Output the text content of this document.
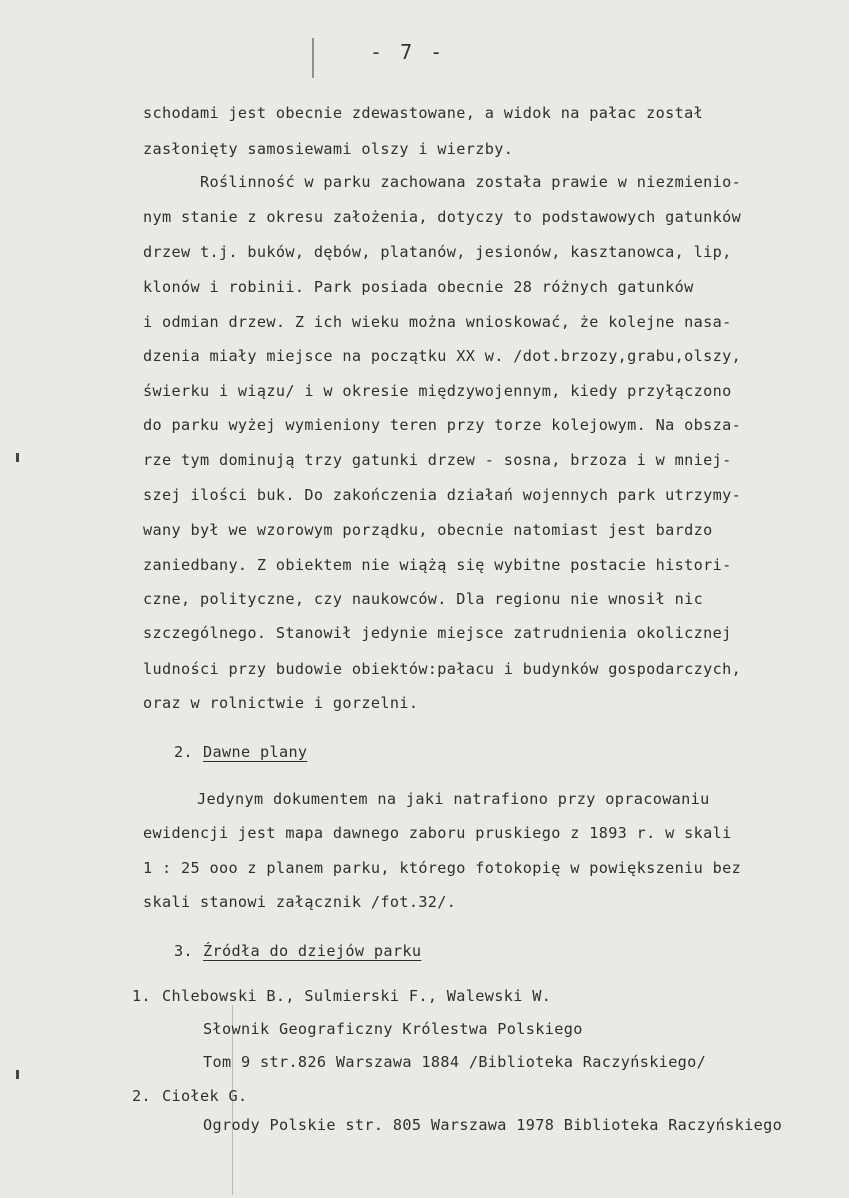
- 7 -
schodami jest obecnie zdewastowane, a widok na pałac został
zasłonięty samosiewami olszy i wierzby.
Roślinność w parku zachowana została prawie w niezmienio-
nym stanie z okresu założenia, dotyczy to podstawowych gatunków
drzew t.j. buków, dębów, platanów, jesionów, kasztanowca, lip,
klonów i robinii. Park posiada obecnie 28 różnych gatunków
i odmian drzew. Z ich wieku można wnioskować, że kolejne nasa-
dzenia miały miejsce na początku XX w. /dot.brzozy,grabu,olszy,
świerku i wiązu/ i w okresie międzywojennym, kiedy przyłączono
do parku wyżej wymieniony teren przy torze kolejowym. Na obsza-
rze tym dominują trzy gatunki drzew - sosna, brzoza i w mniej-
szej ilości buk. Do zakończenia działań wojennych park utrzymy-
wany był we wzorowym porządku, obecnie natomiast jest bardzo
zaniedbany. Z obiektem nie wiążą się wybitne postacie histori-
czne, polityczne, czy naukowców. Dla regionu nie wnosił nic
szczególnego. Stanowił jedynie miejsce zatrudnienia okolicznej
ludności przy budowie obiektów:pałacu i budynków gospodarczych,
oraz w rolnictwie i gorzelni.
2. Dawne plany
Jedynym dokumentem na jaki natrafiono przy opracowaniu
ewidencji jest mapa dawnego zaboru pruskiego z 1893 r. w skali
1 : 25 ooo z planem parku, którego fotokopię w powiększeniu bez
skali stanowi załącznik /fot.32/.
3. Źródła do dziejów parku
1. Chlebowski B., Sulmierski F., Walewski W.
Słownik Geograficzny Królestwa Polskiego
Tom 9 str.826 Warszawa 1884 /Biblioteka Raczyńskiego/
2. Ciołek G.
Ogrody Polskie str. 805 Warszawa 1978 Biblioteka Raczyńskiego
